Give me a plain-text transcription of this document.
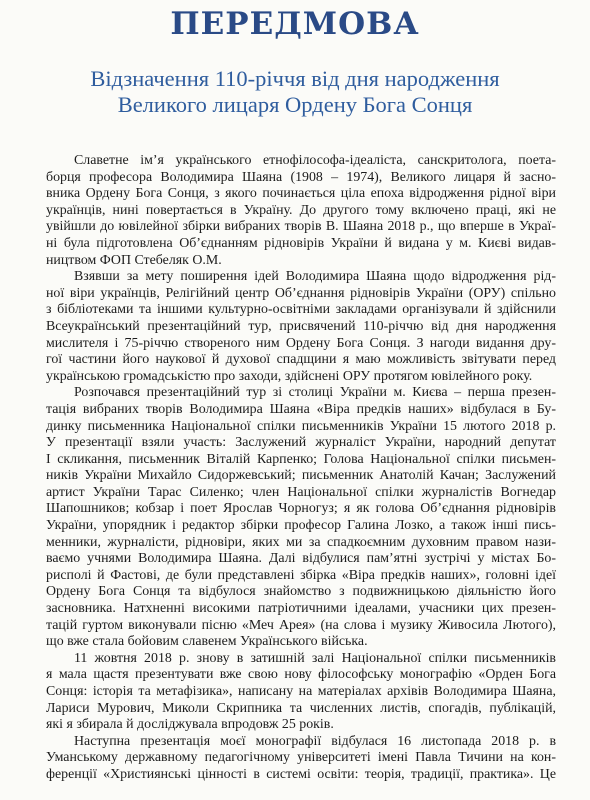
ПЕРЕДМОВА
Відзначення 110-річчя від дня народження
Великого лицаря Ордену Бога Сонця
Славетне ім’я українського етнофілософа-ідеаліста, санскритолога, поета-
борця професора Володимира Шаяна (1908 – 1974), Великого лицаря й засно-
вника Ордену Бога Сонця, з якого починається ціла епоха відродження рідної віри
українців, нині повертається в Україну. До другого тому включено праці, які не
увійшли до ювілейної збірки вибраних творів В. Шаяна 2018 р., що вперше в Украї-
ні була підготовлена Об’єднанням рідновірів України й видана у м. Києві видав-
ництвом ФОП Стебеляк О.М.
Взявши за мету поширення ідей Володимира Шаяна щодо відродження рід-
ної віри українців, Релігійний центр Об’єднання рідновірів України (ОРУ) спільно
з бібліотеками та іншими культурно-освітніми закладами організували й здійснили
Всеукраїнський презентаційний тур, присвячений 110-річчю від дня народження
мислителя і 75-річчю створеного ним Ордену Бога Сонця. З нагоди видання дру-
гої частини його наукової й духової спадщини я маю можливість звітувати перед
українською громадськістю про заходи, здійснені ОРУ протягом ювілейного року.
Розпочався презентаційний тур зі столиці України м. Києва – перша презен-
тація вибраних творів Володимира Шаяна «Віра предків наших» відбулася в Бу-
динку письменника Національної спілки письменників України 15 лютого 2018 р.
У презентації взяли участь: Заслужений журналіст України, народний депутат
І скликання, письменник Віталій Карпенко; Голова Національної спілки письмен-
ників України Михайло Сидоржевський; письменник Анатолій Качан; Заслужений
артист України Тарас Силенко; член Національної спілки журналістів Вогнедар
Шапошников; кобзар і поет Ярослав Чорногуз; я як голова Об’єднання рідновірів
України, упорядник і редактор збірки професор Галина Лозко, а також інші пись-
менники, журналісти, рідновіри, яких ми за спадкоємним духовним правом нази-
ваємо учнями Володимира Шаяна. Далі відбулися пам’ятні зустрічі у містах Бо-
рисполі й Фастові, де були представлені збірка «Віра предків наших», головні ідеї
Ордену Бога Сонця та відбулося знайомство з подвижницькою діяльністю його
засновника. Натхненні високими патріотичними ідеалами, учасники цих презен-
тацій гуртом виконували пісню «Меч Арея» (на слова і музику Живосила Лютого),
що вже стала бойовим славенем Українського війська.
11 жовтня 2018 р. знову в затишній залі Національної спілки письменників
я мала щастя презентувати вже свою нову філософську монографію «Орден Бога
Сонця: історія та метафізика», написану на матеріалах архівів Володимира Шаяна,
Лариси Мурович, Миколи Скрипника та численних листів, спогадів, публікацій,
які я збирала й досліджувала впродовж 25 років.
Наступна презентація моєї монографії відбулася 16 листопада 2018 р. в
Уманському державному педагогічному університеті імені Павла Тичини на кон-
ференції «Християнські цінності в системі освіти: теорія, традиції, практика». Це
